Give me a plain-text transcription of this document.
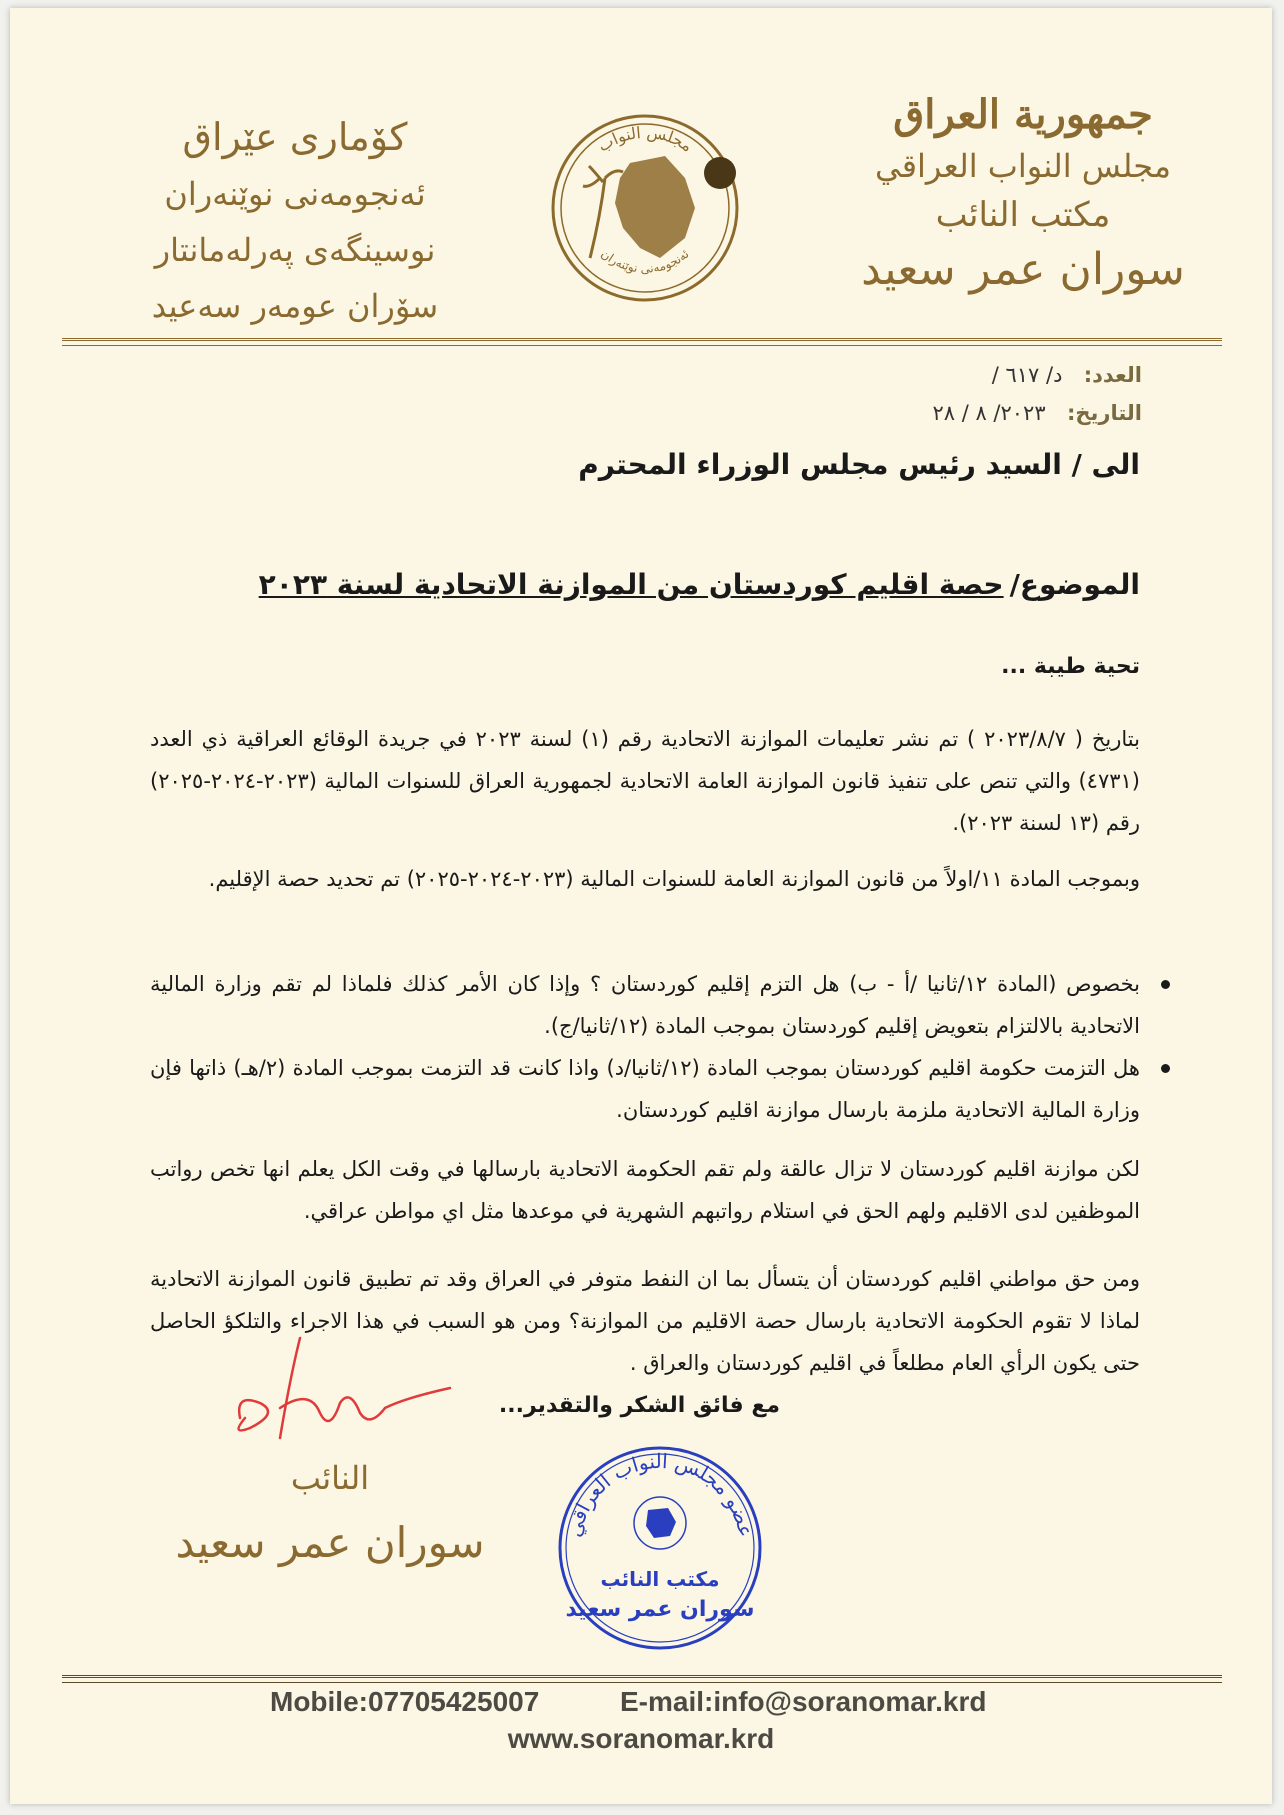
جمهورية العراق
مجلس النواب العراقي
مكتب النائب
سوران عمر سعيد
كۆماری عێراق
ئەنجومەنی نوێنەران
نوسینگەی پەرلەمانتار
سۆران عومەر سەعید
مجلس النواب
ئەنجومەنی نوێنەران
العدد: د/ ٦١٧ /
التاريخ: ٢٠٢٣/ ٨ / ٢٨
الى / السيد رئيس مجلس الوزراء المحترم
الموضوع/حصة اقليم كوردستان من الموازنة الاتحادية لسنة ٢٠٢٣
تحية طيبة ...
بتاريخ ( ٢٠٢٣/٨/٧ ) تم نشر تعليمات الموازنة الاتحادية رقم (١) لسنة ٢٠٢٣ في جريدة الوقائع العراقية ذي العدد (٤٧٣١) والتي تنص على تنفيذ قانون الموازنة العامة الاتحادية لجمهورية العراق للسنوات المالية (٢٠٢٣-٢٠٢٤-٢٠٢٥) رقم (١٣ لسنة ٢٠٢٣).
وبموجب المادة ١١/اولاً من قانون الموازنة العامة للسنوات المالية (٢٠٢٣-٢٠٢٤-٢٠٢٥) تم تحديد حصة الإقليم.
بخصوص (المادة ١٢/ثانيا /أ - ب) هل التزم إقليم كوردستان ؟ وإذا كان الأمر كذلك فلماذا لم تقم وزارة المالية الاتحادية بالالتزام بتعويض إقليم كوردستان بموجب المادة (١٢/ثانيا/ج).
هل التزمت حكومة اقليم كوردستان بموجب المادة (١٢/ثانيا/د) واذا كانت قد التزمت بموجب المادة (٢/هـ) ذاتها فإن وزارة المالية الاتحادية ملزمة بارسال موازنة اقليم كوردستان.
لكن موازنة اقليم كوردستان لا تزال عالقة ولم تقم الحكومة الاتحادية بارسالها في وقت الكل يعلم انها تخص رواتب الموظفين لدى الاقليم ولهم الحق في استلام رواتبهم الشهرية في موعدها مثل اي مواطن عراقي.
ومن حق مواطني اقليم كوردستان أن يتسأل بما ان النفط متوفر في العراق وقد تم تطبيق قانون الموازنة الاتحادية لماذا لا تقوم الحكومة الاتحادية بارسال حصة الاقليم من الموازنة؟ ومن هو السبب في هذا الاجراء والتلكؤ الحاصل حتى يكون الرأي العام مطلعاً في اقليم كوردستان والعراق .
مع فائق الشكر والتقدير...
النائب
سوران عمر سعيد	عضو مجلس النواب العراقي
مكتب النائب
سوران عمر سعيد
Mobile:07705425007	E-mail:info@soranomar.krd
www.soranomar.krd
